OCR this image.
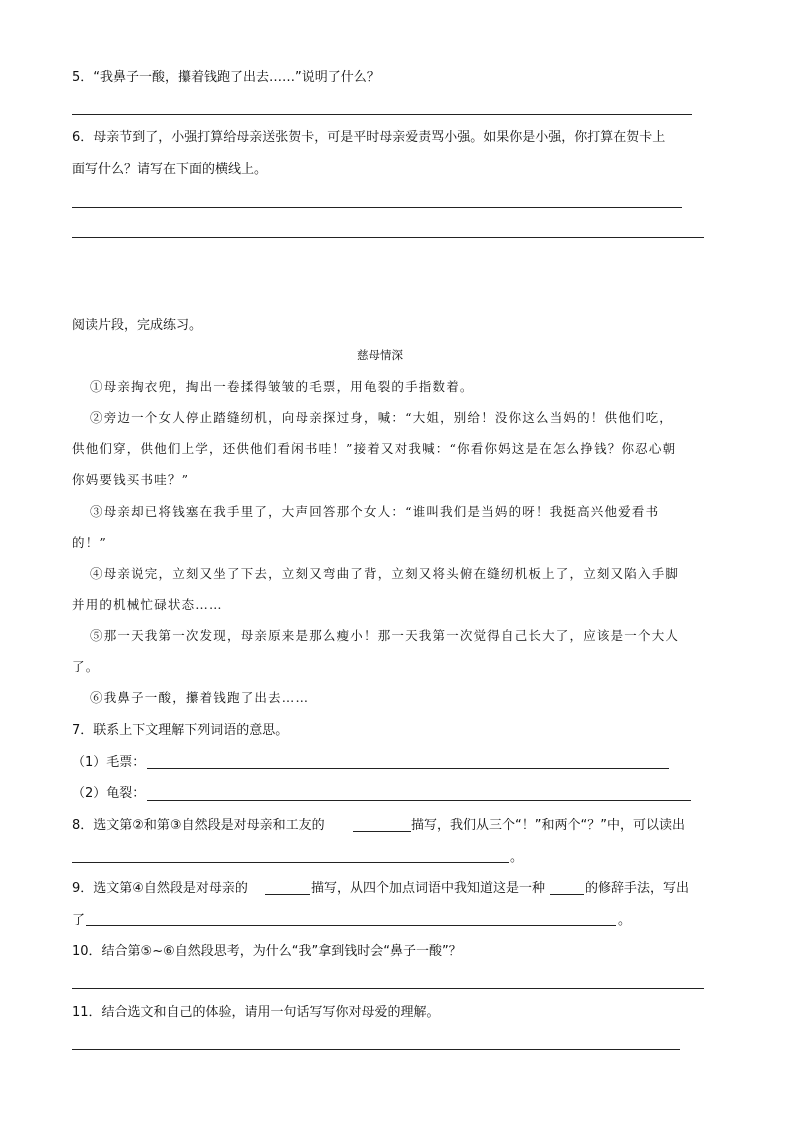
5．“我鼻子一酸，攥着钱跑了出去……”说明了什么？
6．母亲节到了，小强打算给母亲送张贺卡，可是平时母亲爱责骂小强。如果你是小强，你打算在贺卡上
面写什么？请写在下面的横线上。
阅读片段，完成练习。
慈母情深
①母亲掏衣兜，掏出一卷揉得皱皱的毛票，用龟裂的手指数着。
②旁边一个女人停止踏缝纫机，向母亲探过身，喊：“大姐，别给！没你这么当妈的！供他们吃，
供他们穿，供他们上学，还供他们看闲书哇！”接着又对我喊：“你看你妈这是在怎么挣钱？你忍心朝
你妈要钱买书哇？”
③母亲却已将钱塞在我手里了，大声回答那个女人：“谁叫我们是当妈的呀！我挺高兴他爱看书
的！”
④母亲说完，立刻又坐了下去，立刻又弯曲了背，立刻又将头俯在缝纫机板上了，立刻又陷入手脚
并用的机械忙碌状态……
⑤那一天我第一次发现，母亲原来是那么瘦小！那一天我第一次觉得自己长大了，应该是一个大人
了。
⑥我鼻子一酸，攥着钱跑了出去……
7．联系上下文理解下列词语的意思。
（1）毛票：
（2）龟裂：
8．选文第②和第③自然段是对母亲和工友的	描写，我们从三个“！”和两个“？”中，可以读出
。
9．选文第④自然段是对母亲的	描写，从四个加点词语中我知道这是一种	的修辞手法，写出
了	。
10．结合第⑤~⑥自然段思考，为什么“我”拿到钱时会“鼻子一酸”？
11．结合选文和自己的体验，请用一句话写写你对母爱的理解。
